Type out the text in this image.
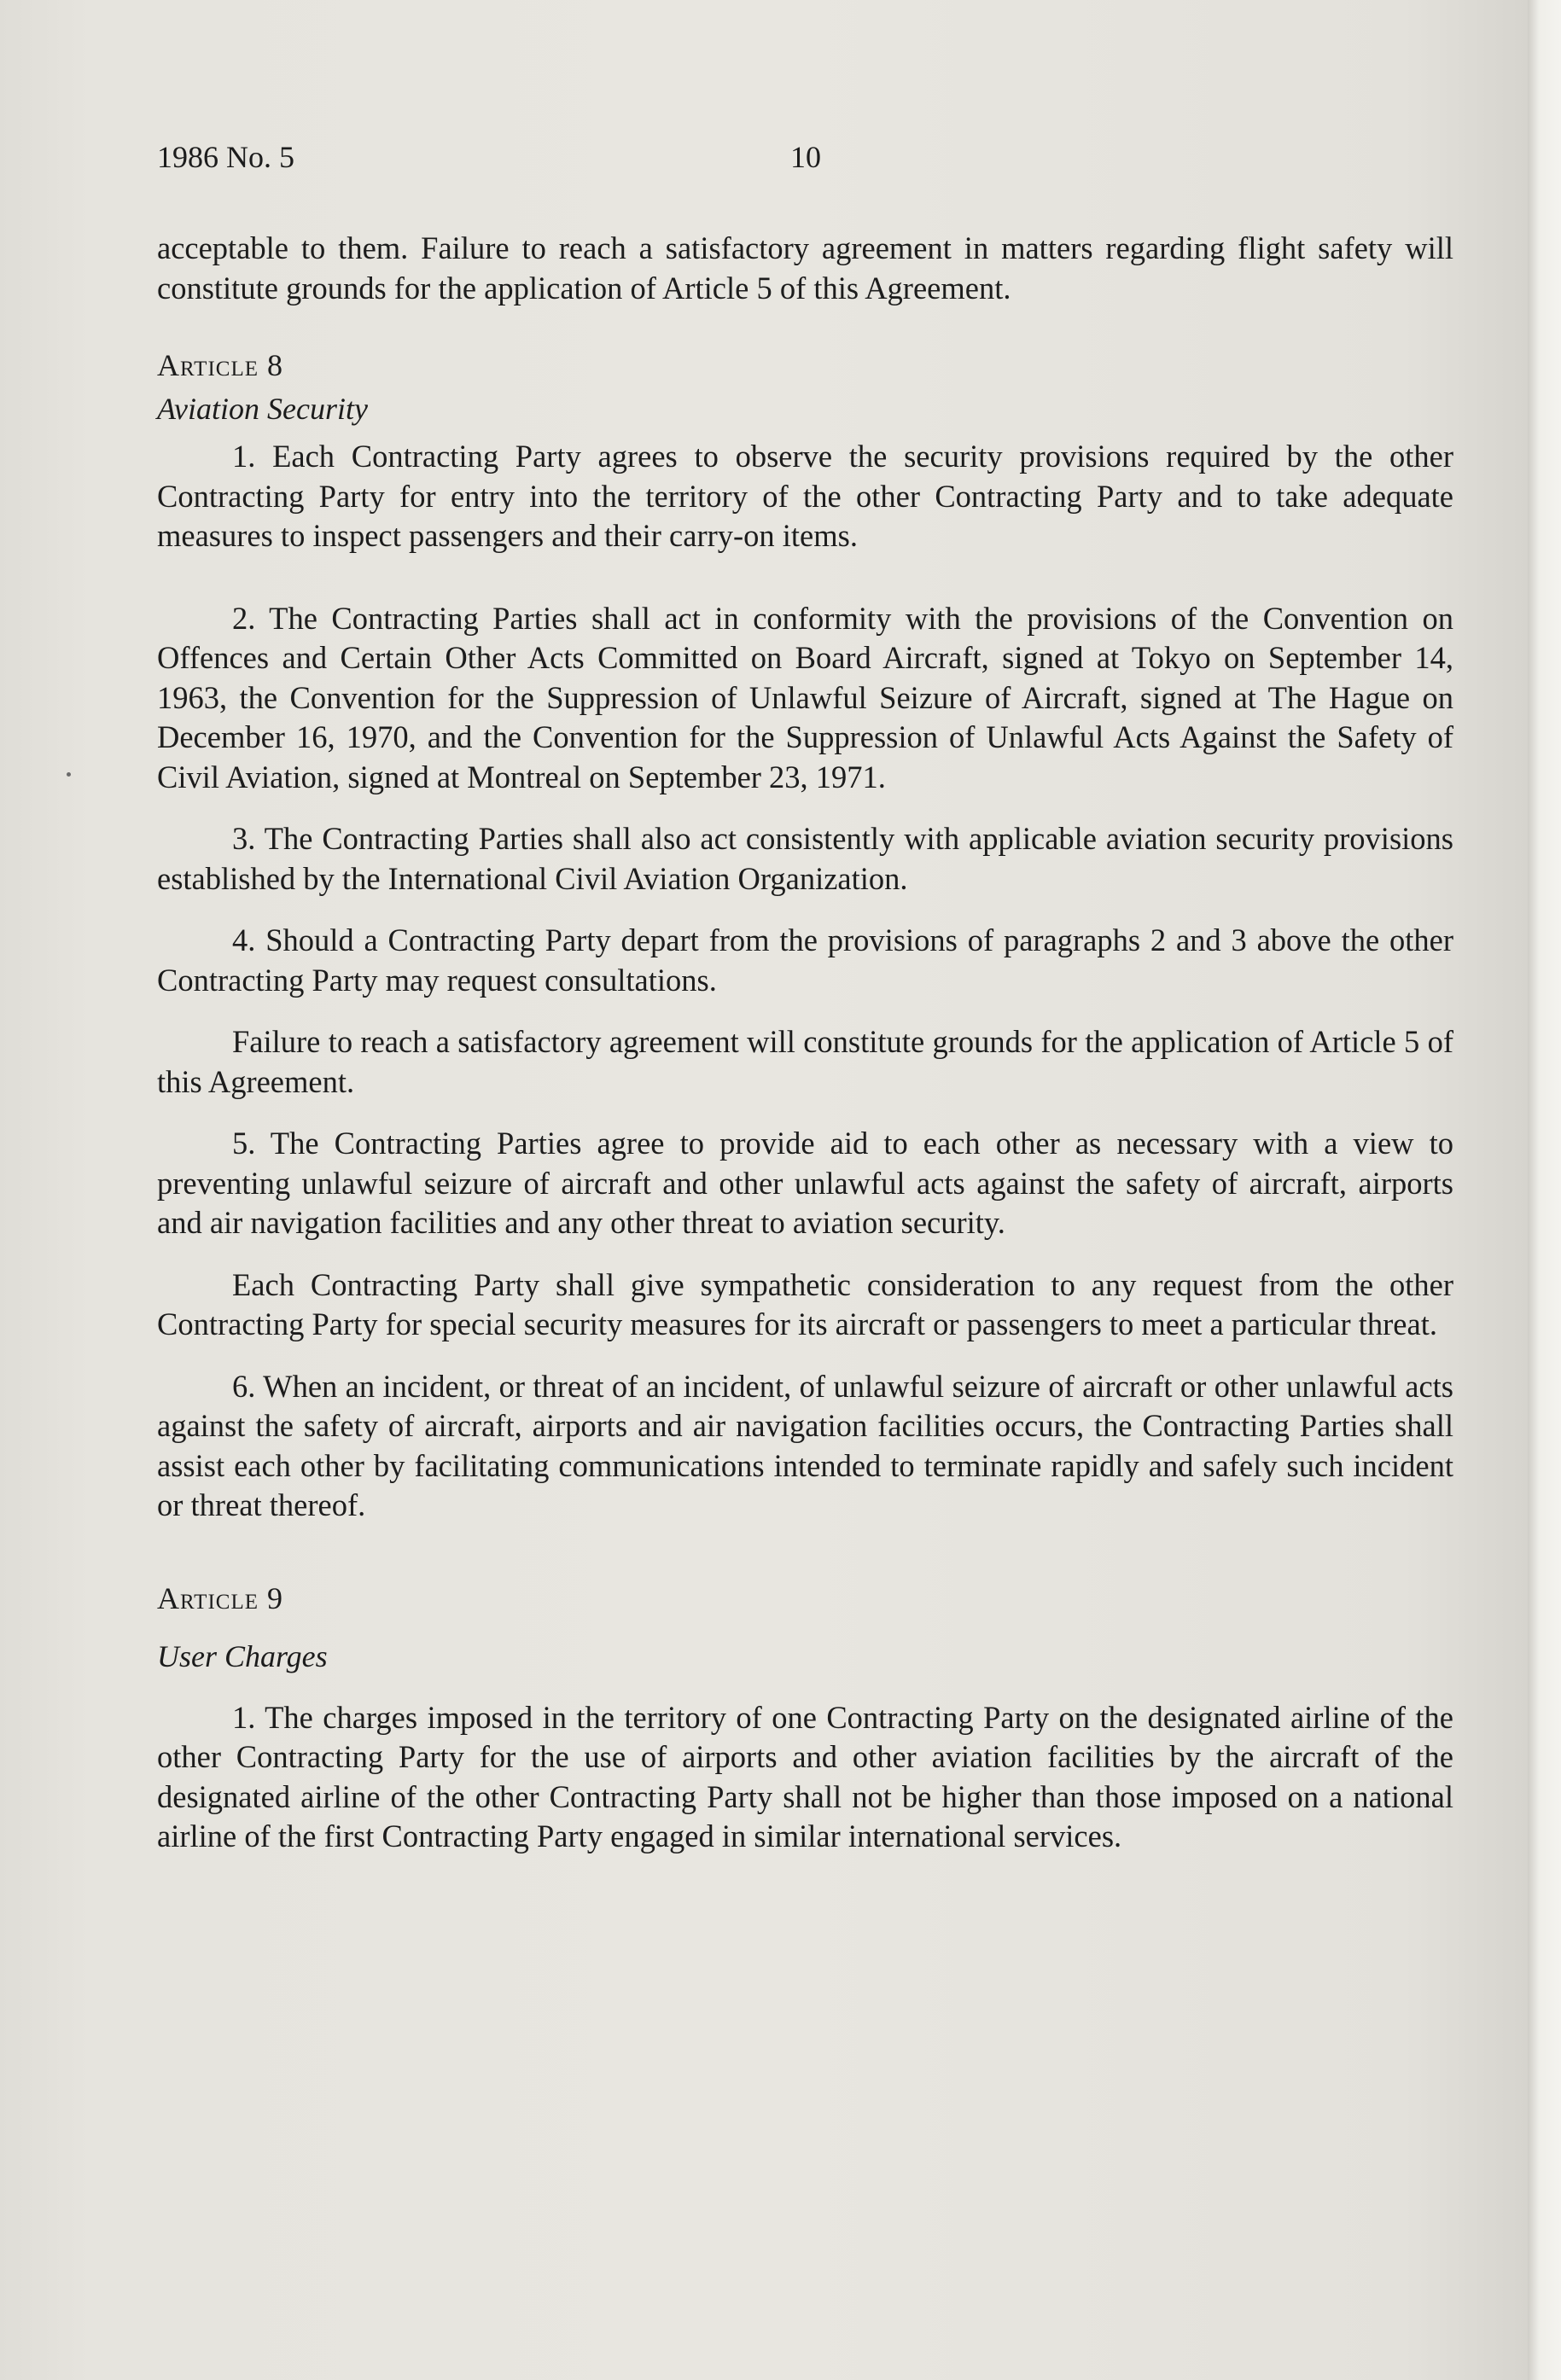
1986 No. 5	10

acceptable to them. Failure to reach a satisfactory agreement in matters regarding flight safety will constitute grounds for the application of Article 5 of this Agreement.

Article 8

Aviation Security

1. Each Contracting Party agrees to observe the security provisions required by the other Contracting Party for entry into the territory of the other Contracting Party and to take adequate measures to inspect passengers and their carry-on items.

2. The Contracting Parties shall act in conformity with the provisions of the Convention on Offences and Certain Other Acts Committed on Board Aircraft, signed at Tokyo on September 14, 1963, the Convention for the Suppression of Unlawful Seizure of Aircraft, signed at The Hague on December 16, 1970, and the Convention for the Suppression of Unlawful Acts Against the Safety of Civil Aviation, signed at Montreal on September 23, 1971.

3. The Contracting Parties shall also act consistently with applicable aviation security provisions established by the International Civil Aviation Organization.

4. Should a Contracting Party depart from the provisions of paragraphs 2 and 3 above the other Contracting Party may request consultations.

Failure to reach a satisfactory agreement will constitute grounds for the application of Article 5 of this Agreement.

5. The Contracting Parties agree to provide aid to each other as necessary with a view to preventing unlawful seizure of aircraft and other unlawful acts against the safety of aircraft, airports and air navigation facilities and any other threat to aviation security.

Each Contracting Party shall give sympathetic consideration to any request from the other Contracting Party for special security measures for its aircraft or passengers to meet a particular threat.

6. When an incident, or threat of an incident, of unlawful seizure of aircraft or other unlawful acts against the safety of aircraft, airports and air navigation facilities occurs, the Contracting Parties shall assist each other by facilitating communications intended to terminate rapidly and safely such incident or threat thereof.

Article 9

User Charges

1. The charges imposed in the territory of one Contracting Party on the designated airline of the other Contracting Party for the use of airports and other aviation facilities by the aircraft of the designated airline of the other Contracting Party shall not be higher than those imposed on a national airline of the first Contracting Party engaged in similar international services.
